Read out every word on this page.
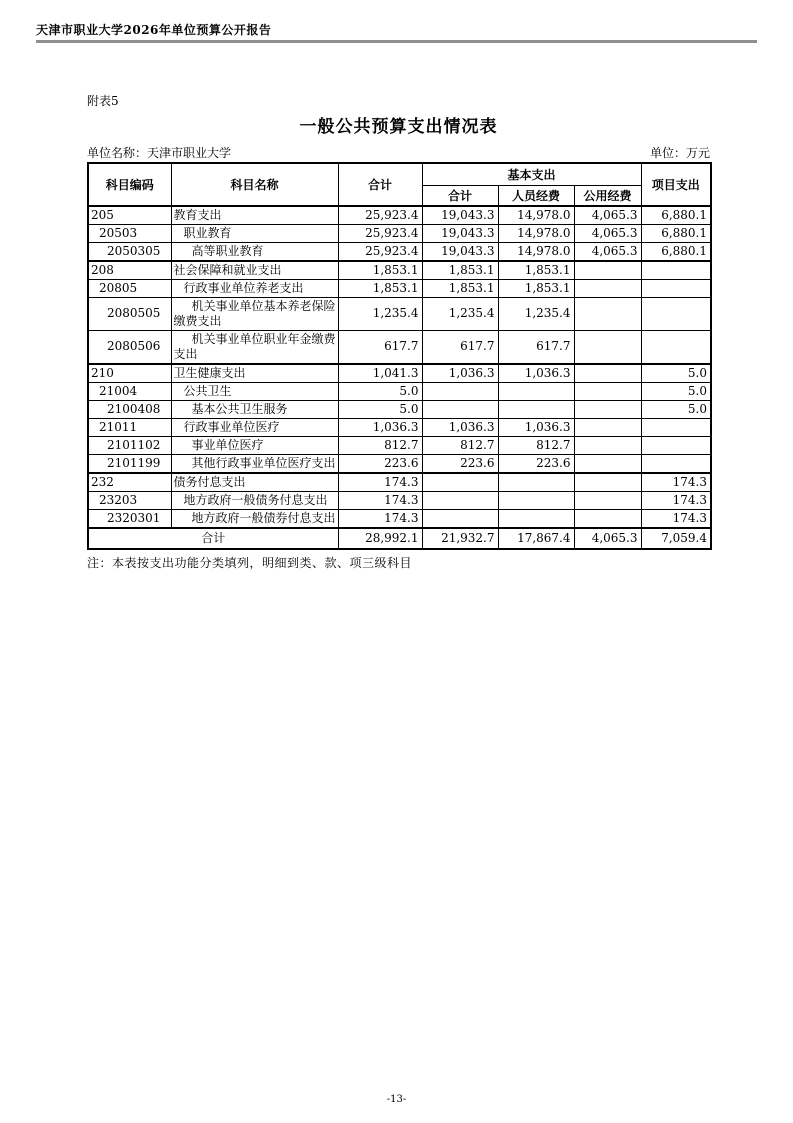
天津市职业大学2026年单位预算公开报告
附表5
一般公共预算支出情况表
单位名称：天津市职业大学	单位：万元
科目编码	科目名称	合计	基本支出			项目支出
			合计	人员经费	公用经费	
205	教育支出	25,923.4	19,043.3	14,978.0	4,065.3	6,880.1
20503	职业教育	25,923.4	19,043.3	14,978.0	4,065.3	6,880.1
2050305	高等职业教育	25,923.4	19,043.3	14,978.0	4,065.3	6,880.1
208	社会保障和就业支出	1,853.1	1,853.1	1,853.1		
20805	行政事业单位养老支出	1,853.1	1,853.1	1,853.1		
2080505	机关事业单位基本养老保险缴费支出	1,235.4	1,235.4	1,235.4		
2080506	机关事业单位职业年金缴费支出	617.7	617.7	617.7		
210	卫生健康支出	1,041.3	1,036.3	1,036.3		5.0
21004	公共卫生	5.0				5.0
2100408	基本公共卫生服务	5.0				5.0
21011	行政事业单位医疗	1,036.3	1,036.3	1,036.3		
2101102	事业单位医疗	812.7	812.7	812.7		
2101199	其他行政事业单位医疗支出	223.6	223.6	223.6		
232	债务付息支出	174.3				174.3
23203	地方政府一般债务付息支出	174.3				174.3
2320301	地方政府一般债券付息支出	174.3				174.3
合计		28,992.1	21,932.7	17,867.4	4,065.3	7,059.4
注：本表按支出功能分类填列，明细到类、款、项三级科目
-13-
